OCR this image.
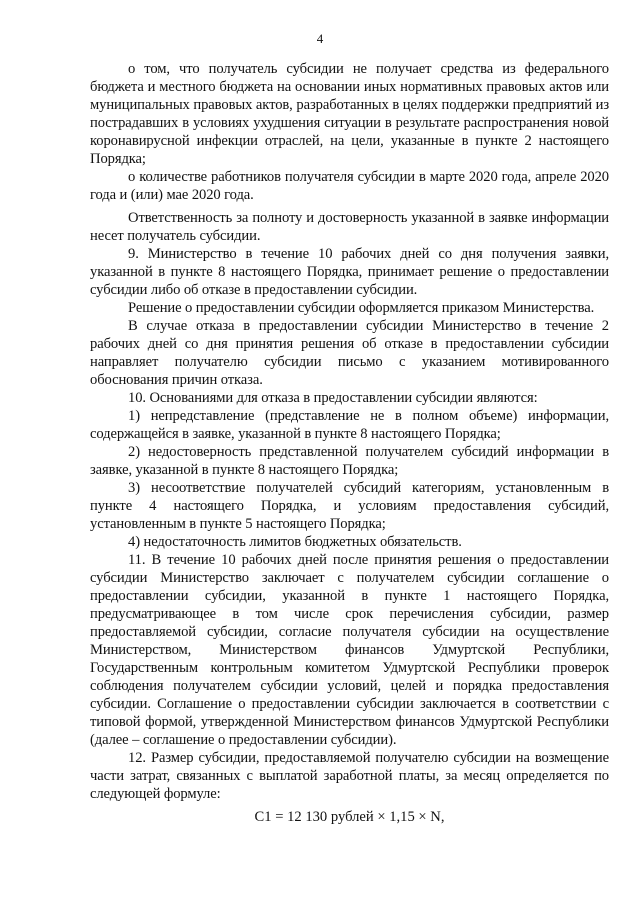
4

о том, что получатель субсидии не получает средства из федерального бюджета и местного бюджета на основании иных нормативных правовых актов или муниципальных правовых актов, разработанных в целях поддержки предприятий из пострадавших в условиях ухудшения ситуации в результате распространения новой коронавирусной инфекции отраслей, на цели, указанные в пункте 2 настоящего Порядка;

о количестве работников получателя субсидии в марте 2020 года, апреле 2020 года и (или) мае 2020 года.

Ответственность за полноту и достоверность указанной в заявке информации несет получатель субсидии.

9. Министерство в течение 10 рабочих дней со дня получения заявки, указанной в пункте 8 настоящего Порядка, принимает решение о предоставлении субсидии либо об отказе в предоставлении субсидии.

Решение о предоставлении субсидии оформляется приказом Министерства.

В случае отказа в предоставлении субсидии Министерство в течение 2 рабочих дней со дня принятия решения об отказе в предоставлении субсидии направляет получателю субсидии письмо с указанием мотивированного обоснования причин отказа.

10. Основаниями для отказа в предоставлении субсидии являются:

1) непредставление (представление не в полном объеме) информации, содержащейся в заявке, указанной в пункте 8 настоящего Порядка;

2) недостоверность представленной получателем субсидий информации в заявке, указанной в пункте 8 настоящего Порядка;

3) несоответствие получателей субсидий категориям, установленным в пункте 4 настоящего Порядка, и условиям предоставления субсидий, установленным в пункте 5 настоящего Порядка;

4) недостаточность лимитов бюджетных обязательств.

11. В течение 10 рабочих дней после принятия решения о предоставлении субсидии Министерство заключает с получателем субсидии соглашение о предоставлении субсидии, указанной в пункте 1 настоящего Порядка, предусматривающее в том числе срок перечисления субсидии, размер предоставляемой субсидии, согласие получателя субсидии на осуществление Министерством, Министерством финансов Удмуртской Республики, Государственным контрольным комитетом Удмуртской Республики проверок соблюдения получателем субсидии условий, целей и порядка предоставления субсидии. Соглашение о предоставлении субсидии заключается в соответствии с типовой формой, утвержденной Министерством финансов Удмуртской Республики (далее – соглашение о предоставлении субсидии).

12. Размер субсидии, предоставляемой получателю субсидии на возмещение части затрат, связанных с выплатой заработной платы, за месяц определяется по следующей формуле:

C1 = 12 130 рублей × 1,15 × N,
